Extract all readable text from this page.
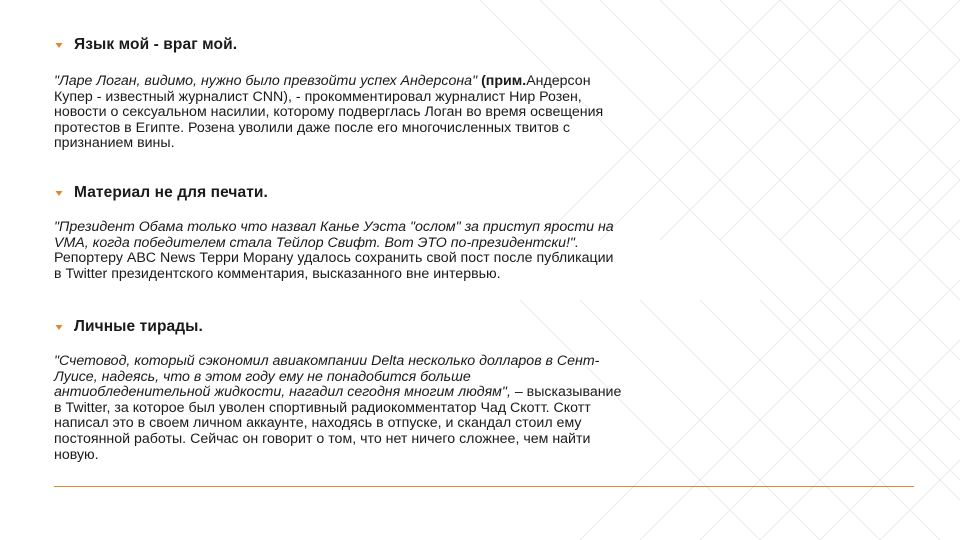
Язык мой - враг мой.
"Ларе Логан, видимо, нужно было превзойти успех Андерсона" (прим.Андерсон Купер - известный журналист CNN), - прокомментировал журналист Нир Розен, новости о сексуальном насилии, которому подверглась Логан во время освещения протестов в Египте. Розена уволили даже после его многочисленных твитов с признанием вины.
Материал не для печати.
"Президент Обама только что назвал Канье Уэста "ослом" за приступ ярости на VMA, когда победителем стала Тейлор Свифт. Вот ЭТО по-президентски!". Репортеру ABC News Терри Морану удалось сохранить свой пост после публикации в Twitter президентского комментария, высказанного вне интервью.
Личные тирады.
"Счетовод, который сэкономил авиакомпании Delta несколько долларов в Сент-Луисе, надеясь, что в этом году ему не понадобится больше антиобледенительной жидкости, нагадил сегодня многим людям", – высказывание в Twitter, за которое был уволен спортивный радиокомментатор Чад Скотт. Скотт написал это в своем личном аккаунте, находясь в отпуске, и скандал стоил ему постоянной работы. Сейчас он говорит о том, что нет ничего сложнее, чем найти новую.
